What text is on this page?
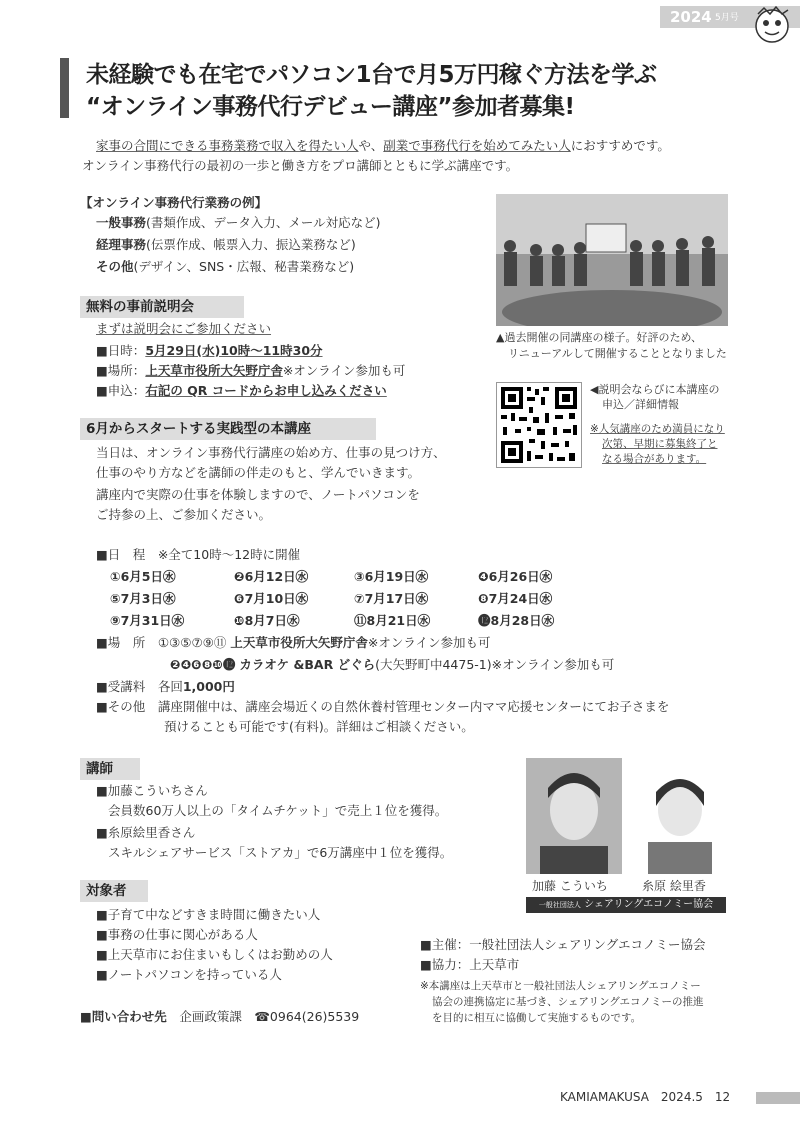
2024 5月号
未経験でも在宅でパソコン1台で月5万円稼ぐ方法を学ぶ
“オンライン事務代行デビュー講座”参加者募集!
家事の合間にできる事務業務で収入を得たい人や、副業で事務代行を始めてみたい人におすすめです。
オンライン事務代行の最初の一歩と働き方をプロ講師とともに学ぶ講座です。
【オンライン事務代行業務の例】
一般事務(書類作成、データ入力、メール対応など)
経理事務(伝票作成、帳票入力、振込業務など)
その他(デザイン、SNS・広報、秘書業務など)
▲過去開催の同講座の様子。好評のため、
リニューアルして開催することとなりました
無料の事前説明会
まずは説明会にご参加ください
■日時：5月29日(水)10時〜11時30分
■場所：上天草市役所大矢野庁舎※オンライン参加も可
■申込：右記の QR コードからお申し込みください	◀説明会ならびに本講座の
申込／詳細情報
※人気講座のため満員になり
次第、早期に募集終了と
なる場合があります。
6月からスタートする実践型の本講座
当日は、オンライン事務代行講座の始め方、仕事の見つけ方、
仕事のやり方などを講師の伴走のもと、学んでいきます。
講座内で実際の仕事を体験しますので、ノートパソコンを
ご持参の上、ご参加ください。
■日　程　 ※全て10時〜12時に開催
①6月5日㊌	❷6月12日㊌	③6月19日㊌	❹6月26日㊌
⑤7月3日㊌	❻7月10日㊌	⑦7月17日㊌	❽7月24日㊌
⑨7月31日㊌	❿8月7日㊌	⑪8月21日㊌	⓬8月28日㊌
■場　所　 ①③⑤⑦⑨⑪ 上天草市役所大矢野庁舎※オンライン参加も可
❷❹❻❽❿⓬ カラオケ &BAR どぐら(大矢野町中4475-1)※オンライン参加も可
■受講料　 各回1,000円
■その他　 講座開催中は、講座会場近くの自然休養村管理センター内ママ応援センターにてお子さまを
預けることも可能です(有料)。詳細はご相談ください。
講師
■加藤こういちさん
会員数60万人以上の「タイムチケット」で売上１位を獲得。
■糸原絵里香さん
スキルシェアサービス「ストアカ」で6万講座中１位を獲得。
加藤 こういち	糸原 絵里香
一般社団法人 シェアリングエコノミー協会
対象者
■子育て中などすきま時間に働きたい人
■事務の仕事に関心がある人
■上天草市にお住まいもしくはお勤めの人
■ノートパソコンを持っている人
■主催：一般社団法人シェアリングエコノミー協会
■協力：上天草市
※本講座は上天草市と一般社団法人シェアリングエコノミー
協会の連携協定に基づき、シェアリングエコノミーの推進
を目的に相互に協働して実施するものです。
■問い合わせ先　 企画政策課　 ☎0964(26)5539
KAMIAMAKUSA　2024.5　12
